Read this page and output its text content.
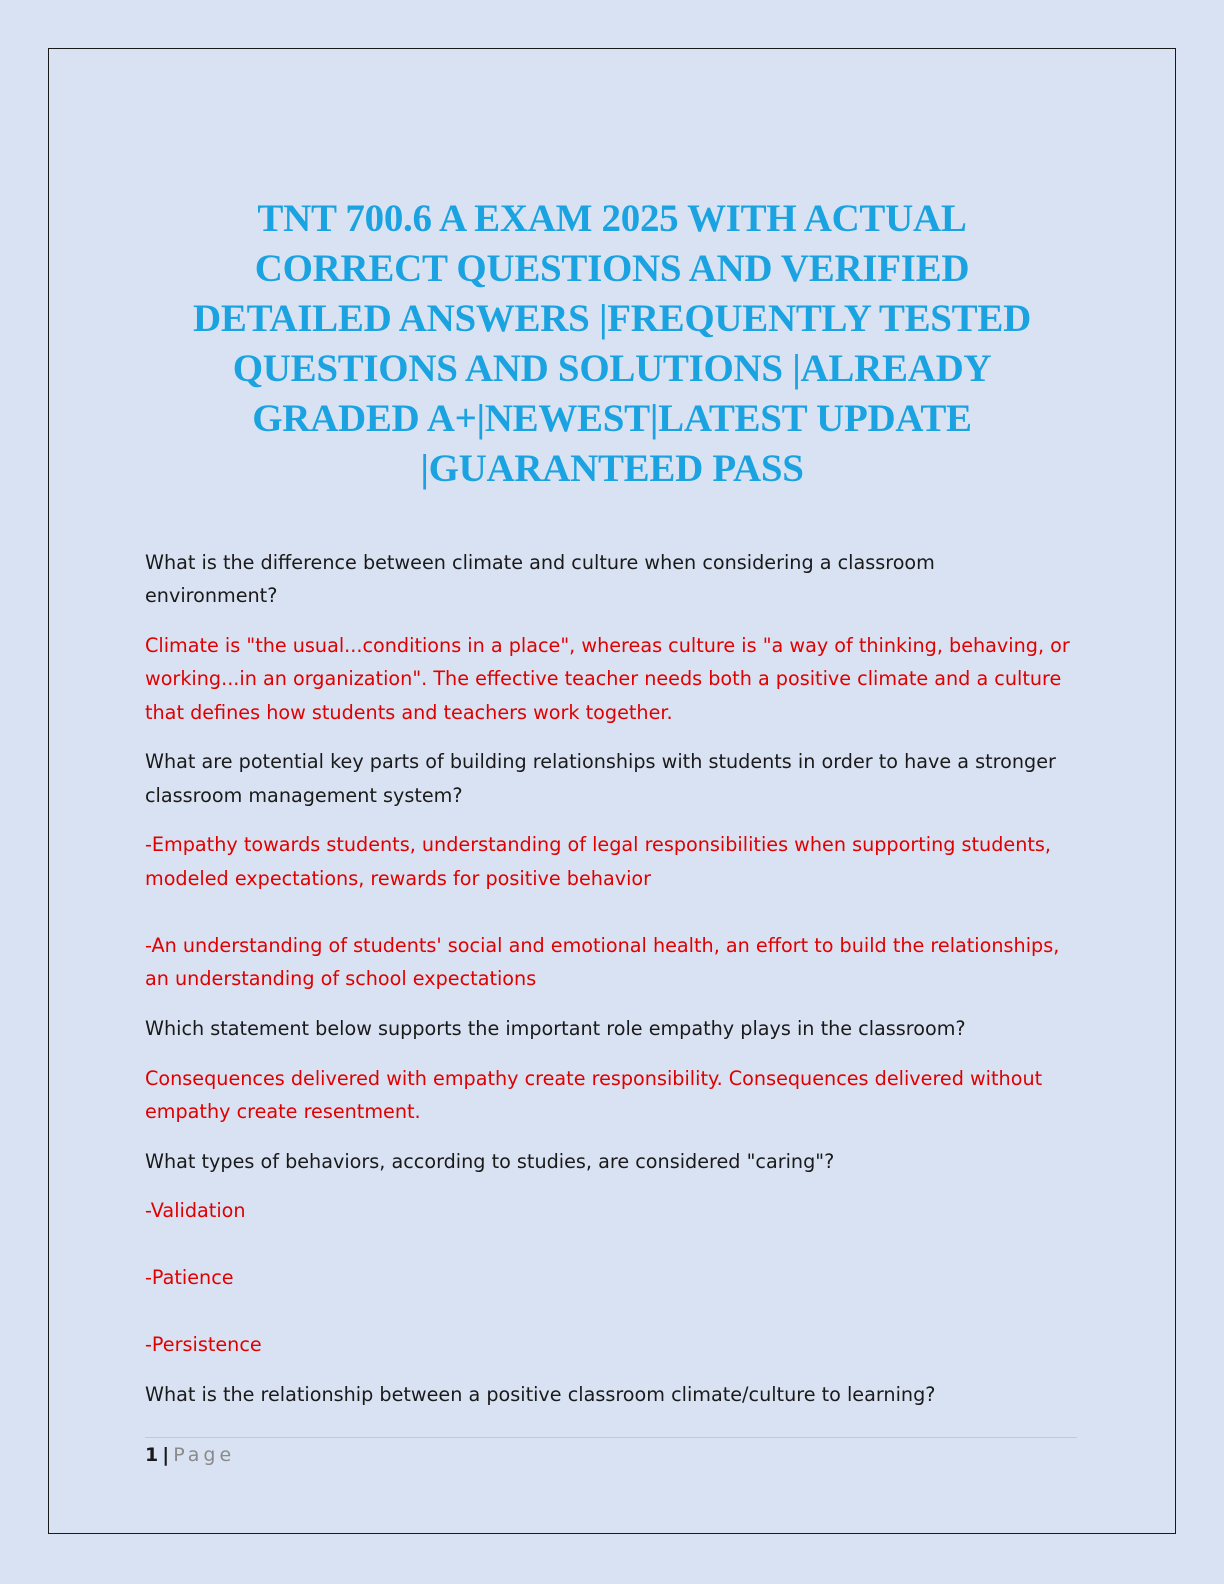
TNT 700.6 A EXAM 2025 WITH ACTUAL
CORRECT QUESTIONS AND VERIFIED
DETAILED ANSWERS |FREQUENTLY TESTED
QUESTIONS AND SOLUTIONS |ALREADY
GRADED A+|NEWEST|LATEST UPDATE
|GUARANTEED PASS

What is the difference between climate and culture when considering a classroom

environment?

Climate is "the usual...conditions in a place", whereas culture is "a way of thinking, behaving, or

working...in an organization". The effective teacher needs both a positive climate and a culture

that defines how students and teachers work together.

What are potential key parts of building relationships with students in order to have a stronger

classroom management system?

-Empathy towards students, understanding of legal responsibilities when supporting students,

modeled expectations, rewards for positive behavior

-An understanding of students' social and emotional health, an effort to build the relationships,

an understanding of school expectations

Which statement below supports the important role empathy plays in the classroom?

Consequences delivered with empathy create responsibility. Consequences delivered without

empathy create resentment.

What types of behaviors, according to studies, are considered "caring"?

-Validation

-Patience

-Persistence

What is the relationship between a positive classroom climate/culture to learning?

1 | Page
